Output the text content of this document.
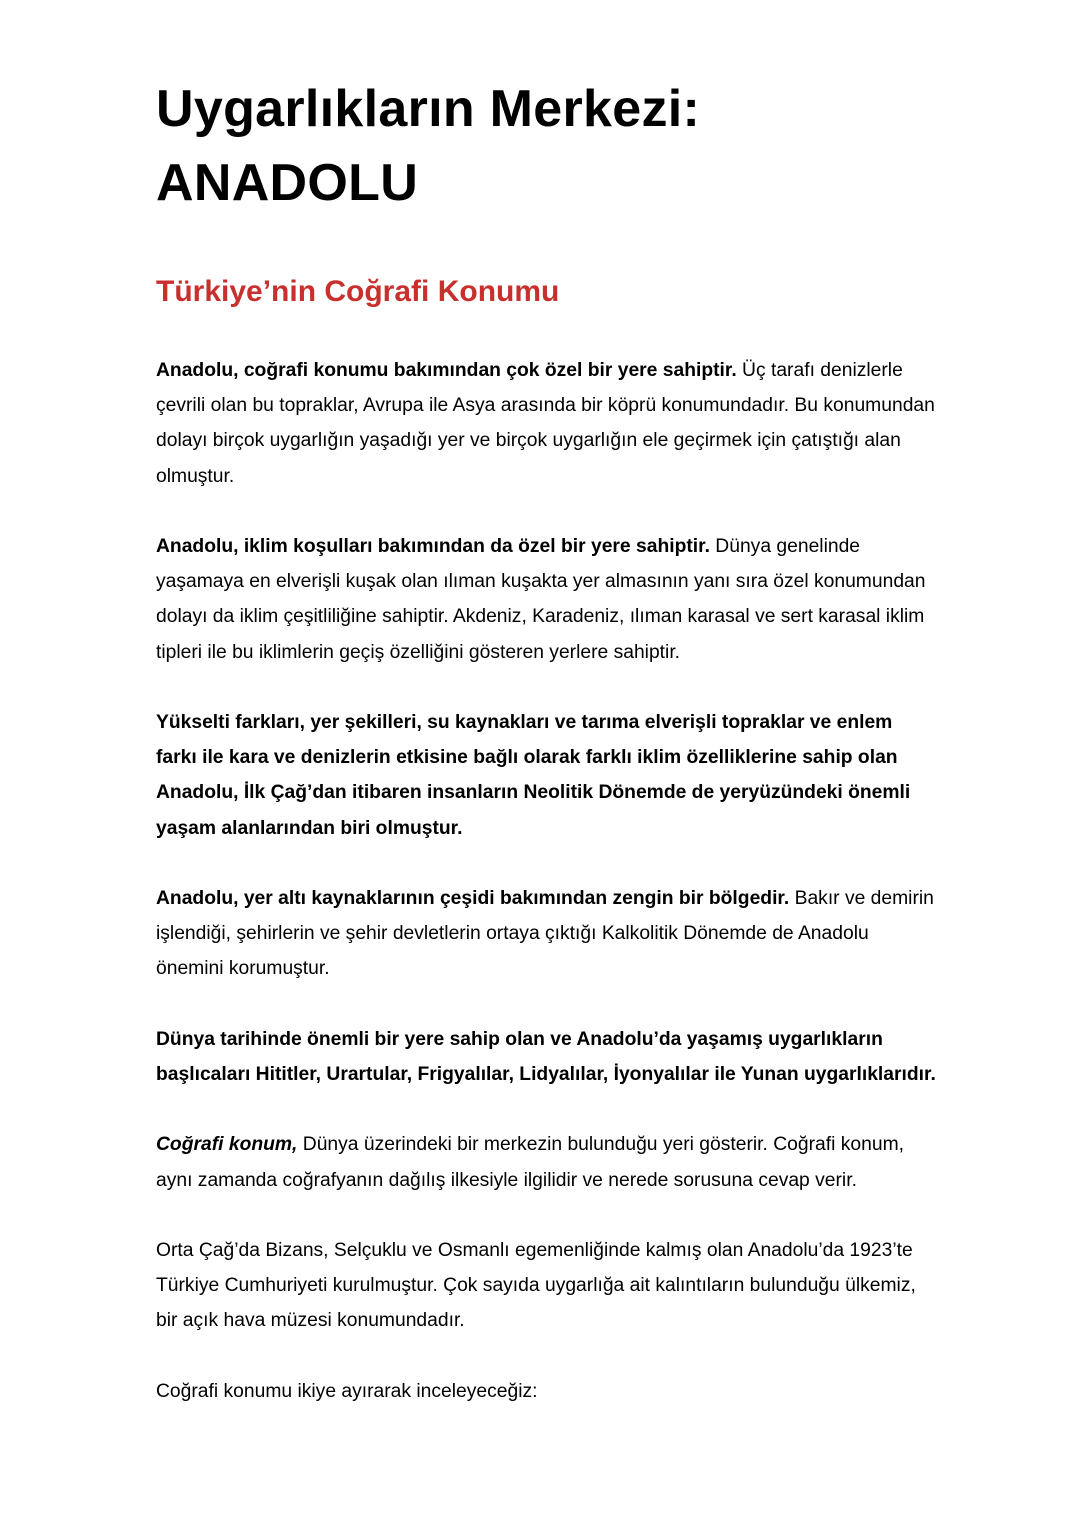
Uygarlıkların Merkezi:
ANADOLU
Türkiye’nin Coğrafi Konumu

Anadolu, coğrafi konumu bakımından çok özel bir yere sahiptir. Üç tarafı denizlerle çevrili olan bu topraklar, Avrupa ile Asya arasında bir köprü konumundadır. Bu konumundan dolayı birçok uygarlığın yaşadığı yer ve birçok uygarlığın ele geçirmek için çatıştığı alan olmuştur.

Anadolu, iklim koşulları bakımından da özel bir yere sahiptir. Dünya genelinde yaşamaya en elverişli kuşak olan ılıman kuşakta yer almasının yanı sıra özel konumundan dolayı da iklim çeşitliliğine sahiptir. Akdeniz, Karadeniz, ılıman karasal ve sert karasal iklim tipleri ile bu iklimlerin geçiş özelliğini gösteren yerlere sahiptir.

Yükselti farkları, yer şekilleri, su kaynakları ve tarıma elverişli topraklar ve enlem farkı ile kara ve denizlerin etkisine bağlı olarak farklı iklim özelliklerine sahip olan Anadolu, İlk Çağ’dan itibaren insanların Neolitik Dönemde de yeryüzündeki önemli yaşam alanlarından biri olmuştur.

Anadolu, yer altı kaynaklarının çeşidi bakımından zengin bir bölgedir. Bakır ve demirin işlendiği, şehirlerin ve şehir devletlerin ortaya çıktığı Kalkolitik Dönemde de Anadolu önemini korumuştur.

Dünya tarihinde önemli bir yere sahip olan ve Anadolu’da yaşamış uygarlıkların başlıcaları Hititler, Urartular, Frigyalılar, Lidyalılar, İyonyalılar ile Yunan uygarlıklarıdır.

Coğrafi konum, Dünya üzerindeki bir merkezin bulunduğu yeri gösterir. Coğrafi konum, aynı zamanda coğrafyanın dağılış ilkesiyle ilgilidir ve nerede sorusuna cevap verir.

Orta Çağ’da Bizans, Selçuklu ve Osmanlı egemenliğinde kalmış olan Anadolu’da 1923’te Türkiye Cumhuriyeti kurulmuştur. Çok sayıda uygarlığa ait kalıntıların bulunduğu ülkemiz, bir açık hava müzesi konumundadır.

Coğrafi konumu ikiye ayırarak inceleyeceğiz:
